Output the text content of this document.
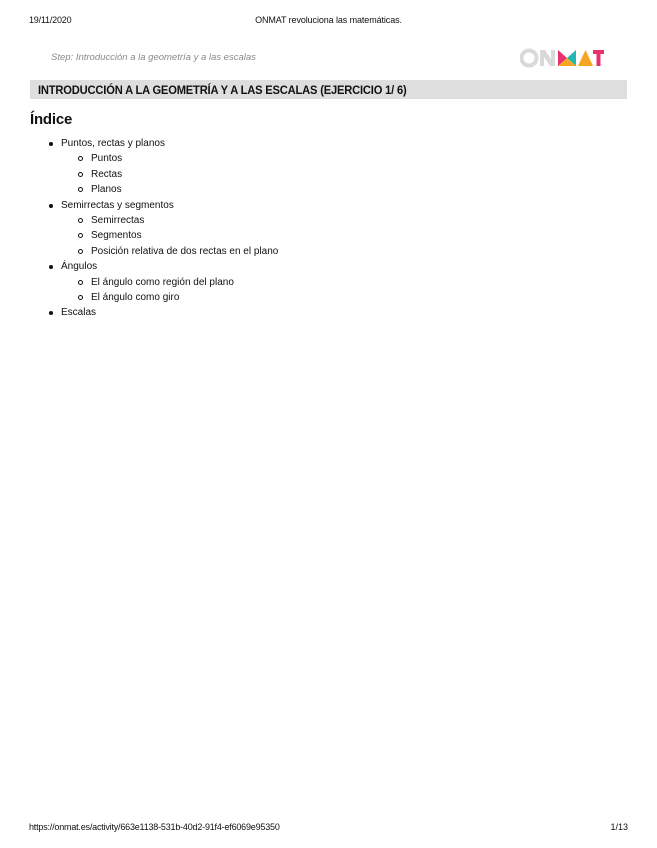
19/11/2020	ONMAT revoluciona las matemáticas.
Step: Introducción a la geometría y a las escalas
INTRODUCCIÓN A LA GEOMETRÍA Y A LAS ESCALAS (EJERCICIO 1/ 6)
Índice
Puntos, rectas y planos
Puntos
Rectas
Planos
Semirrectas y segmentos
Semirrectas
Segmentos
Posición relativa de dos rectas en el plano
Ángulos
El ángulo como región del plano
El ángulo como giro
Escalas
https://onmat.es/activity/663e1138-531b-40d2-91f4-ef6069e95350	1/13
